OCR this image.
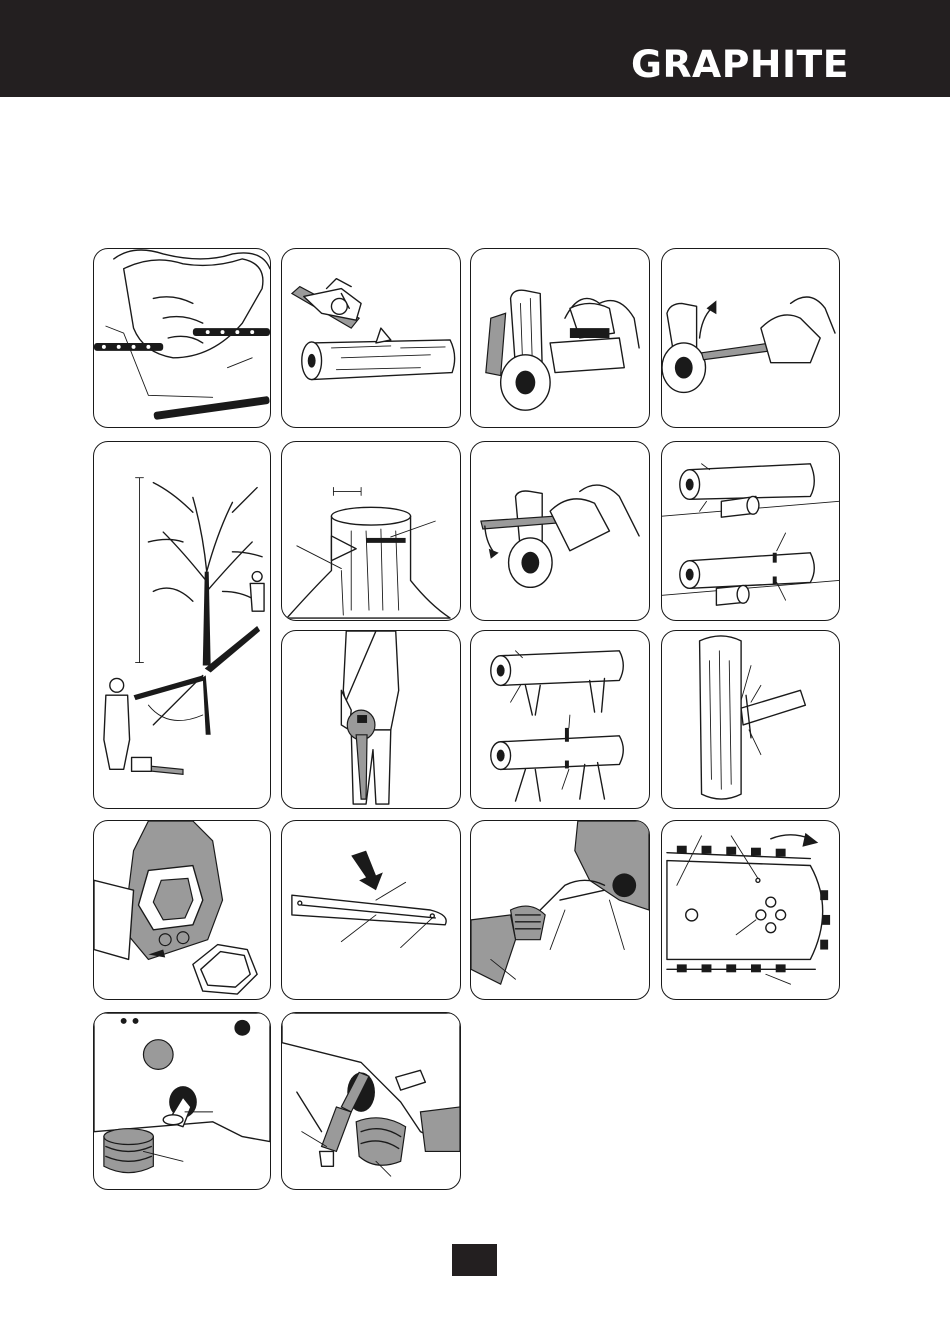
GRAPHITE
